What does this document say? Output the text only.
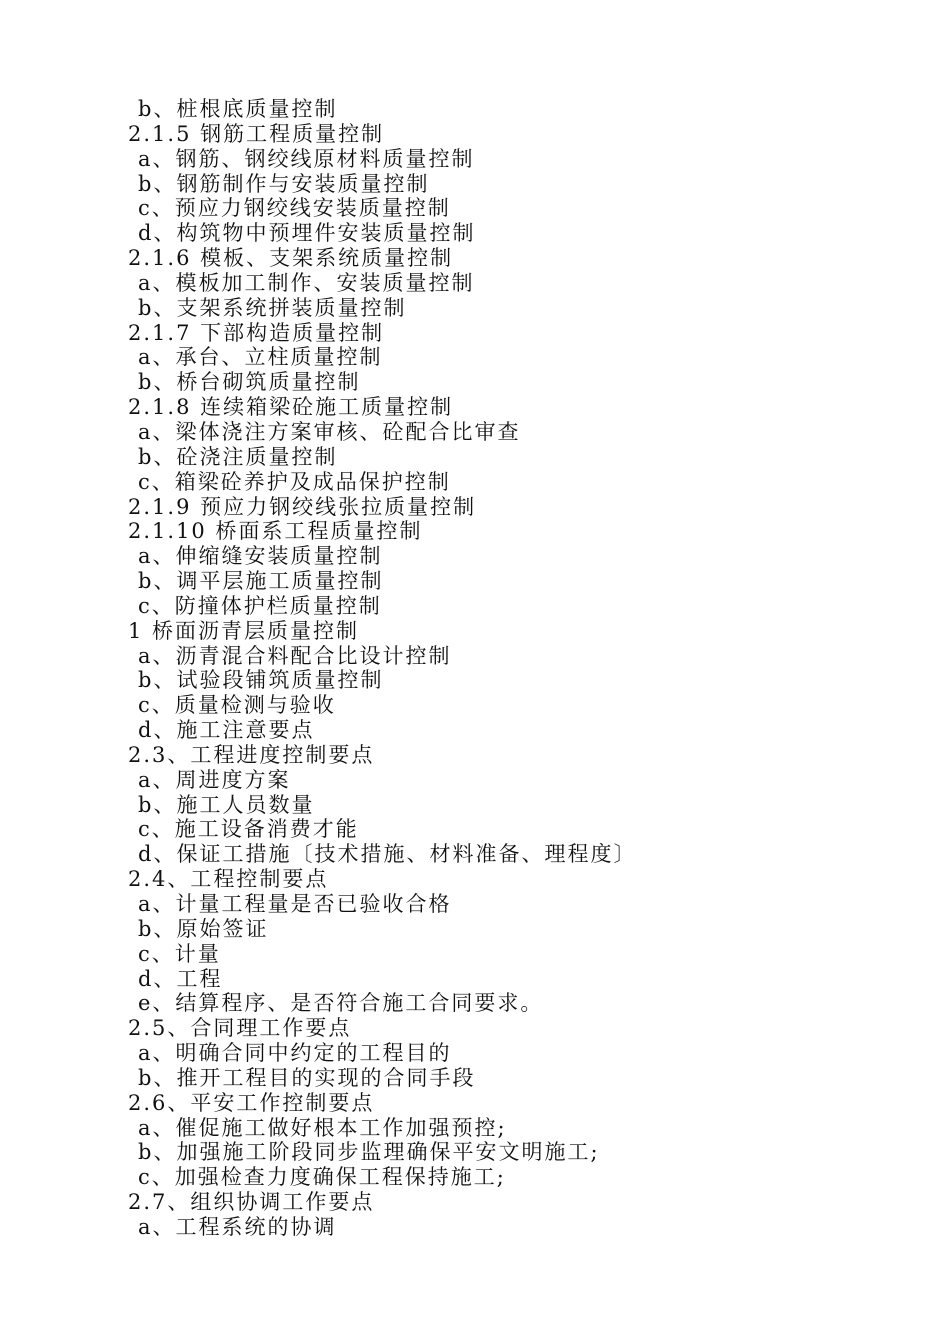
b、桩根底质量控制
2.1.5 钢筋工程质量控制
a、钢筋、钢绞线原材料质量控制
b、钢筋制作与安装质量控制
c、预应力钢绞线安装质量控制
d、构筑物中预埋件安装质量控制
2.1.6 模板、支架系统质量控制
a、模板加工制作、安装质量控制
b、支架系统拼装质量控制
2.1.7 下部构造质量控制
a、承台、立柱质量控制
b、桥台砌筑质量控制
2.1.8 连续箱梁砼施工质量控制
a、梁体浇注方案审核、砼配合比审查
b、砼浇注质量控制
c、箱梁砼养护及成品保护控制
2.1.9 预应力钢绞线张拉质量控制
2.1.10 桥面系工程质量控制
a、伸缩缝安装质量控制
b、调平层施工质量控制
c、防撞体护栏质量控制
1 桥面沥青层质量控制
a、沥青混合料配合比设计控制
b、试验段铺筑质量控制
c、质量检测与验收
d、施工注意要点
2.3、工程进度控制要点
a、周进度方案
b、施工人员数量
c、施工设备消费才能
d、保证工措施〔技术措施、材料准备、理程度〕
2.4、工程控制要点
a、计量工程量是否已验收合格
b、原始签证
c、计量
d、工程
e、结算程序、是否符合施工合同要求。
2.5、合同理工作要点
a、明确合同中约定的工程目的
b、推开工程目的实现的合同手段
2.6、平安工作控制要点
a、催促施工做好根本工作加强预控;
b、加强施工阶段同步监理确保平安文明施工;
c、加强检查力度确保工程保持施工;
2.7、组织协调工作要点
a、工程系统的协调
